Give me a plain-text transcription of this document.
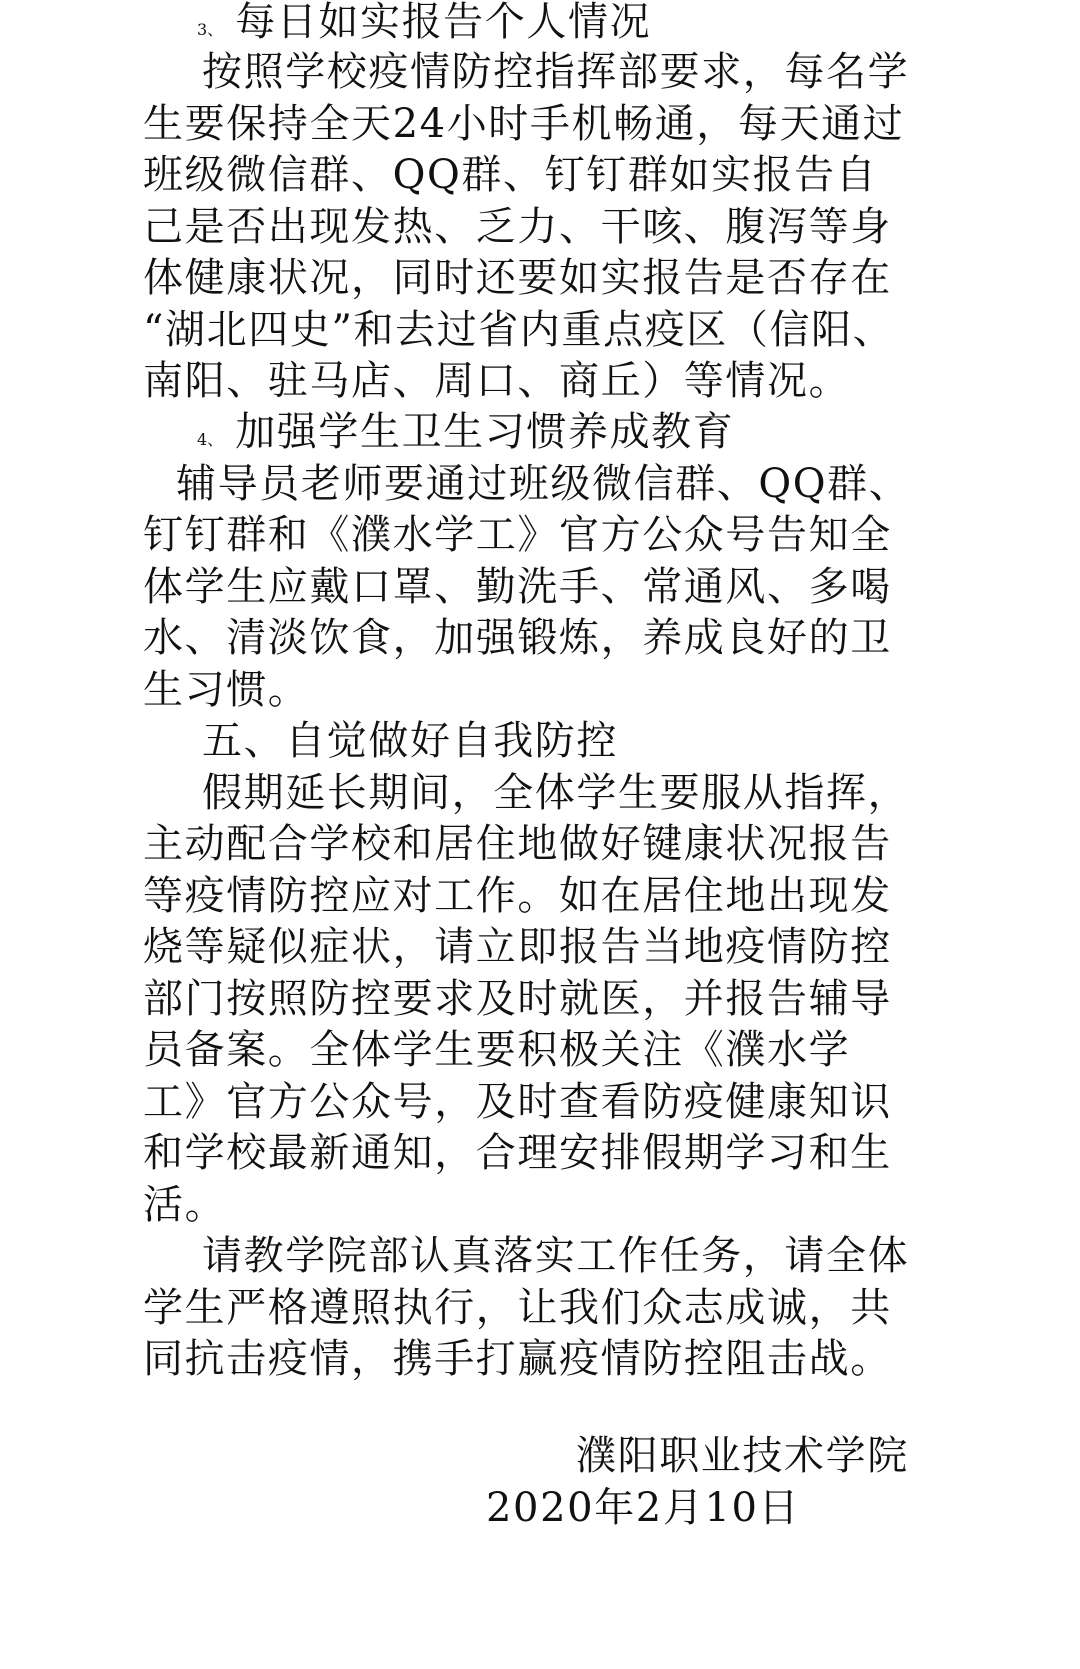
3、 每日如实报告个人情况
按照学校疫情防控指挥部要求，每名学
生要保持全天24小时手机畅通，每天通过
班级微信群、QQ群、钉钉群如实报告自
己是否出现发热、乏力、干咳、腹泻等身
体健康状况，同时还要如实报告是否存在
“湖北四史”和去过省内重点疫区（信阳、
南阳、驻马店、周口、商丘）等情况。
4、 加强学生卫生习惯养成教育
辅导员老师要通过班级微信群、QQ群、
钉钉群和《濮水学工》官方公众号告知全
体学生应戴口罩、勤洗手、常通风、多喝
水、清淡饮食，加强锻炼，养成良好的卫
生习惯。
五、自觉做好自我防控
假期延长期间，全体学生要服从指挥，
主动配合学校和居住地做好键康状况报告
等疫情防控应对工作。如在居住地出现发
烧等疑似症状，请立即报告当地疫情防控
部门按照防控要求及时就医，并报告辅导
员备案。全体学生要积极关注《濮水学
工》官方公众号，及时查看防疫健康知识
和学校最新通知，合理安排假期学习和生
活。
请教学院部认真落实工作任务，请全体
学生严格遵照执行，让我们众志成诚，共
同抗击疫情，携手打赢疫情防控阻击战。
濮阳职业技术学院
2020年2月10日
